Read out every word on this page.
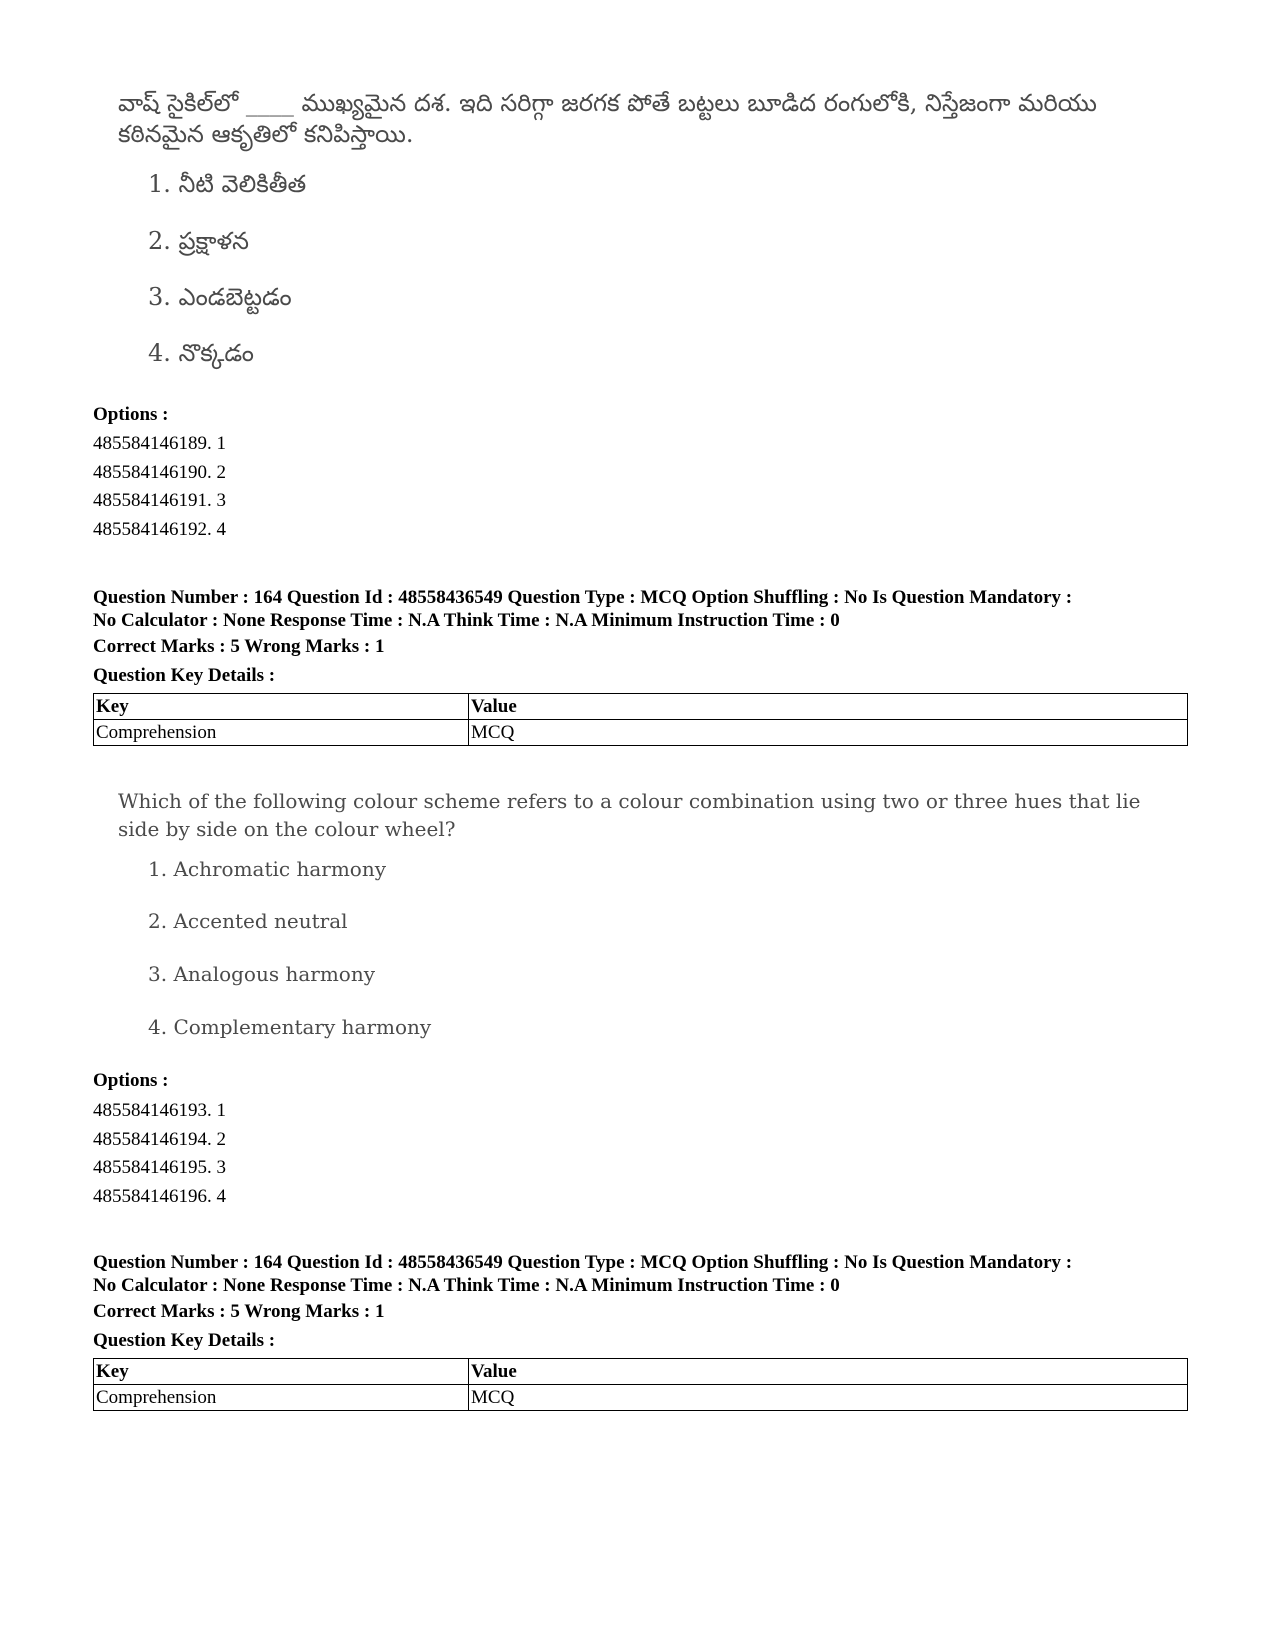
వాష్ సైకిల్‌లో ____ ముఖ్యమైన దశ. ఇది సరిగ్గా జరగక పోతే బట్టలు బూడిద రంగులోకి, నిస్తేజంగా మరియు కఠినమైన ఆకృతిలో కనిపిస్తాయి.

1. నీటి వెలికితీత
2. ప్రక్షాళన
3. ఎండబెట్టడం
4. నొక్కడం

Options :

485584146189. 1
485584146190. 2
485584146191. 3
485584146192. 4
Question Number : 164 Question Id : 48558436549 Question Type : MCQ Option Shuffling : No Is Question Mandatory :
No Calculator : None Response Time : N.A Think Time : N.A Minimum Instruction Time : 0

Correct Marks : 5 Wrong Marks : 1

Question Key Details :

Key	Value
Comprehension	MCQ

Which of the following colour scheme refers to a colour combination using two or three hues that lie side by side on the colour wheel?

1. Achromatic harmony
2. Accented neutral
3. Analogous harmony
4. Complementary harmony

Options :

485584146193. 1
485584146194. 2
485584146195. 3
485584146196. 4
Question Number : 164 Question Id : 48558436549 Question Type : MCQ Option Shuffling : No Is Question Mandatory :
No Calculator : None Response Time : N.A Think Time : N.A Minimum Instruction Time : 0

Correct Marks : 5 Wrong Marks : 1

Question Key Details :

Key	Value
Comprehension	MCQ
